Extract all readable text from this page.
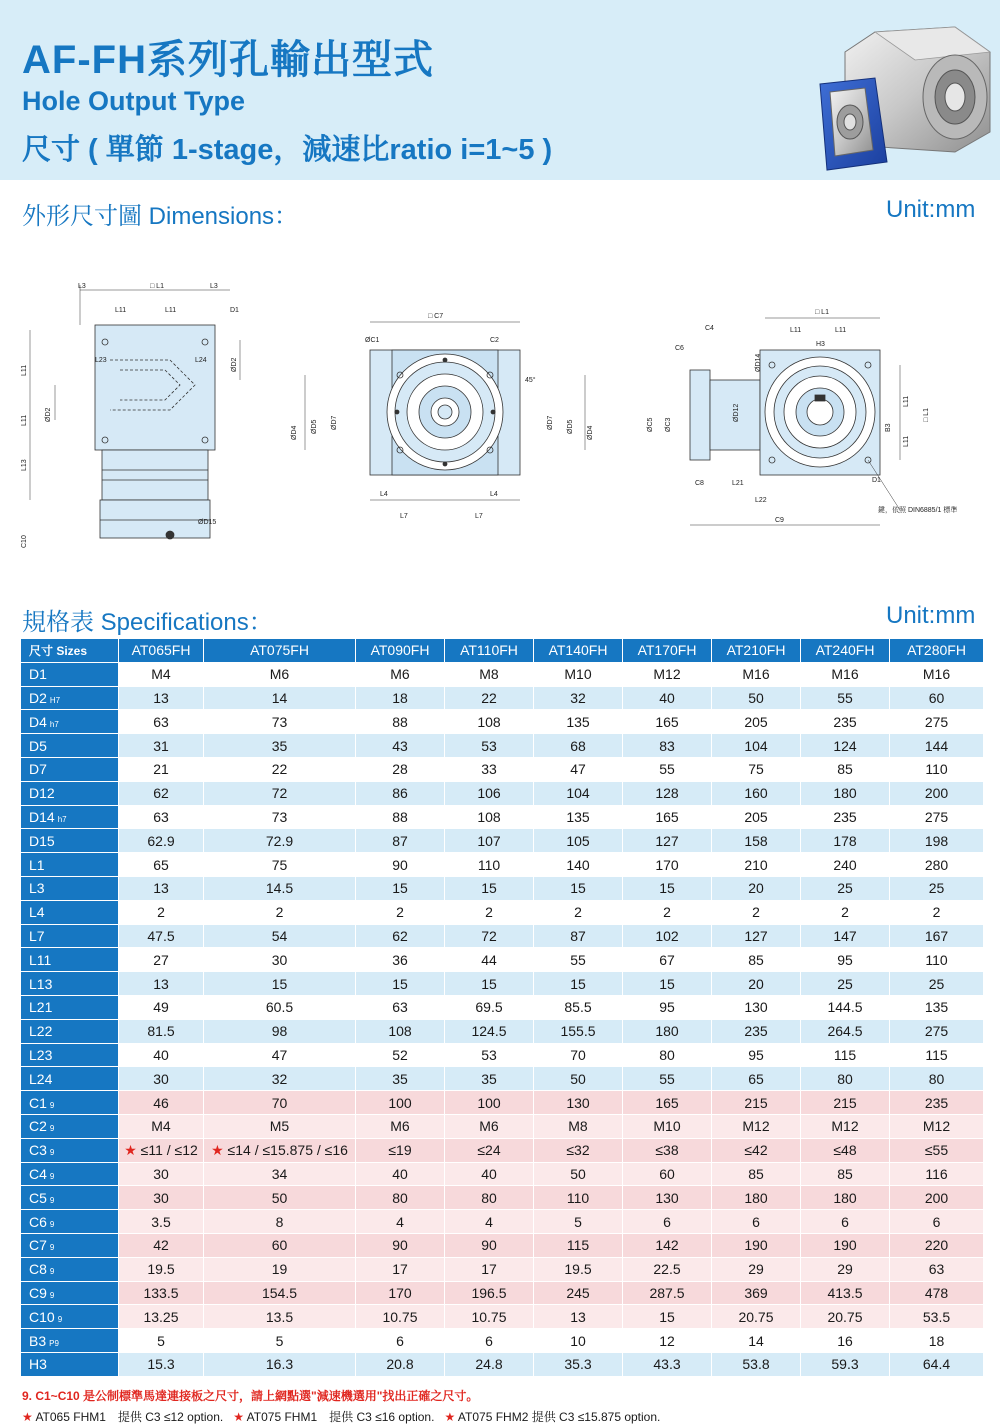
AF-FH系列孔輸出型式
Hole Output Type
尺寸 ( 單節 1-stage，減速比ratio i=1~5 )
外形尺寸圖 Dimensions：	Unit:mm
L3	□ L1	L3
L11	L11	D1
L23	L24
ØD15
L11
L11
L13
C10
ØD2
ØD2
□ C7
ØC1	C2
45°
L4	L4
L7	L7
ØD4 ØD5 ØD7	ØD7 ØD5 ØD4
□ L1
L11	L11
H3
C4
C6
C8	L21
L22
C9
D1
鍵，依照 DIN6885/1 標準
ØC5 ØC3
ØD12
ØD14
L11
L11
B3
□ L1
規格表 Specifications：	Unit:mm
尺寸 Sizes	AT065FH	AT075FH	AT090FH	AT110FH	AT140FH	AT170FH	AT210FH	AT240FH	AT280FH
D1	M4	M6	M6	M8	M10	M12	M16	M16	M16
D2 H7	13	14	18	22	32	40	50	55	60
D4 h7	63	73	88	108	135	165	205	235	275
D5	31	35	43	53	68	83	104	124	144
D7	21	22	28	33	47	55	75	85	110
D12	62	72	86	106	104	128	160	180	200
D14 h7	63	73	88	108	135	165	205	235	275
D15	62.9	72.9	87	107	105	127	158	178	198
L1	65	75	90	110	140	170	210	240	280
L3	13	14.5	15	15	15	15	20	25	25
L4	2	2	2	2	2	2	2	2	2
L7	47.5	54	62	72	87	102	127	147	167
L11	27	30	36	44	55	67	85	95	110
L13	13	15	15	15	15	15	20	25	25
L21	49	60.5	63	69.5	85.5	95	130	144.5	135
L22	81.5	98	108	124.5	155.5	180	235	264.5	275
L23	40	47	52	53	70	80	95	115	115
L24	30	32	35	35	50	55	65	80	80
C1 9	46	70	100	100	130	165	215	215	235
C2 9	M4	M5	M6	M6	M8	M10	M12	M12	M12
C3 9	★ ≤11 / ≤12	★ ≤14 / ≤15.875 / ≤16	≤19	≤24	≤32	≤38	≤42	≤48	≤55
C4 9	30	34	40	40	50	60	85	85	116
C5 9	30	50	80	80	110	130	180	180	200
C6 9	3.5	8	4	4	5	6	6	6	6
C7 9	42	60	90	90	115	142	190	190	220
C8 9	19.5	19	17	17	19.5	22.5	29	29	63
C9 9	133.5	154.5	170	196.5	245	287.5	369	413.5	478
C10 9	13.25	13.5	10.75	10.75	13	15	20.75	20.75	53.5
B3 P9	5	5	6	6	10	12	14	16	18
H3	15.3	16.3	20.8	24.8	35.3	43.3	53.8	59.3	64.4
9. C1~C10 是公制標準馬達連接板之尺寸，請上網點選"減速機選用"找出正確之尺寸。
★ AT065 FHM1　提供 C3 ≤12 option. ★ AT075 FHM1　提供 C3 ≤16 option. ★ AT075 FHM2 提供 C3 ≤15.875 option.
